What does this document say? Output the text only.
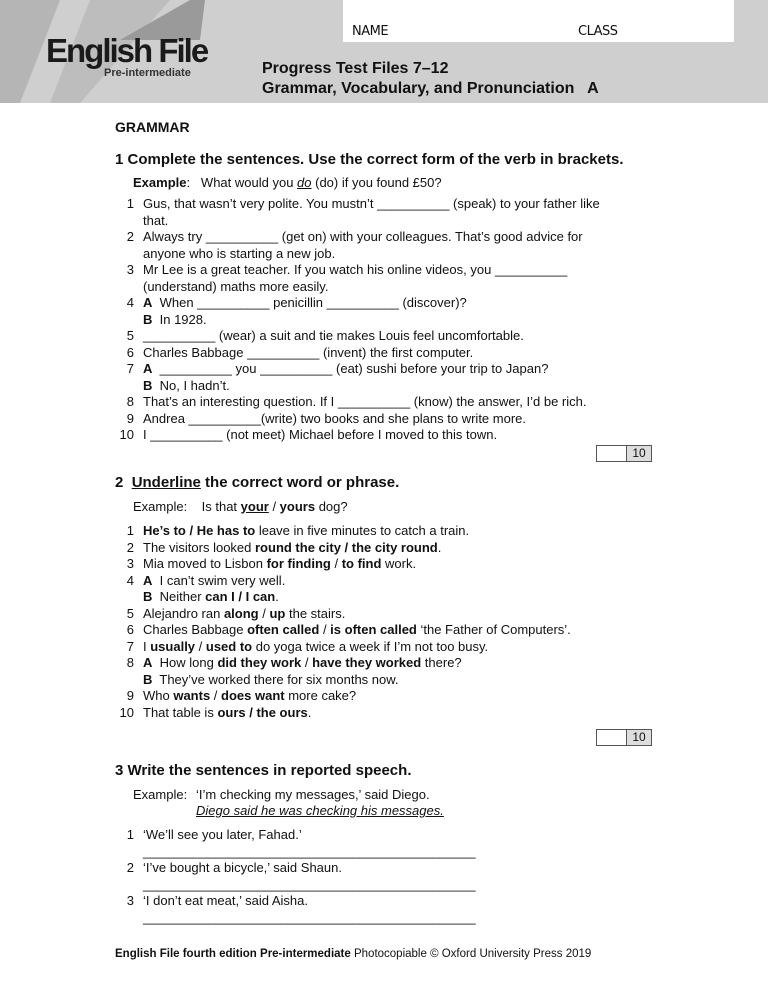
NAME	CLASS
English File
Pre-intermediate	Progress Test Files 7–12
Grammar, Vocabulary, and Pronunciation   A
GRAMMAR
1 Complete the sentences. Use the correct form of the verb in brackets.
Example:   What would you do (do) if you found £50?
1 Gus, that wasn’t very polite. You mustn’t __________ (speak) to your father like
that.
2 Always try __________ (get on) with your colleagues. That’s good advice for
anyone who is starting a new job.
3 Mr Lee is a great teacher. If you watch his online videos, you __________
(understand) maths more easily.
4 A  When __________ penicillin __________ (discover)?
B  In 1928.
5 __________ (wear) a suit and tie makes Louis feel uncomfortable.
6 Charles Babbage __________ (invent) the first computer.
7 A  __________ you __________ (eat) sushi before your trip to Japan?
B  No, I hadn’t.
8 That’s an interesting question. If I __________ (know) the answer, I’d be rich.
9 Andrea __________(write) two books and she plans to write more.
10 I __________ (not meet) Michael before I moved to this town.
10
2  Underline the correct word or phrase.
Example:    Is that your / yours dog?
1 He’s to / He has to leave in five minutes to catch a train.
2 The visitors looked round the city / the city round.
3 Mia moved to Lisbon for finding / to find work.
4 A  I can’t swim very well.
B  Neither can I / I can.
5 Alejandro ran along / up the stairs.
6 Charles Babbage often called / is often called ‘the Father of Computers’.
7 I usually / used to do yoga twice a week if I’m not too busy.
8 A  How long did they work / have they worked there?
B  They’ve worked there for six months now.
9 Who wants / does want more cake?
10 That table is ours / the ours.
10
3 Write the sentences in reported speech.
Example: ‘I’m checking my messages,’ said Diego.
Diego said he was checking his messages.
1 ‘We’ll see you later, Fahad.’
______________________________________________
2 ‘I’ve bought a bicycle,’ said Shaun.
______________________________________________
3 ‘I don’t eat meat,’ said Aisha.
______________________________________________
English File fourth edition Pre-intermediate Photocopiable © Oxford University Press 2019
